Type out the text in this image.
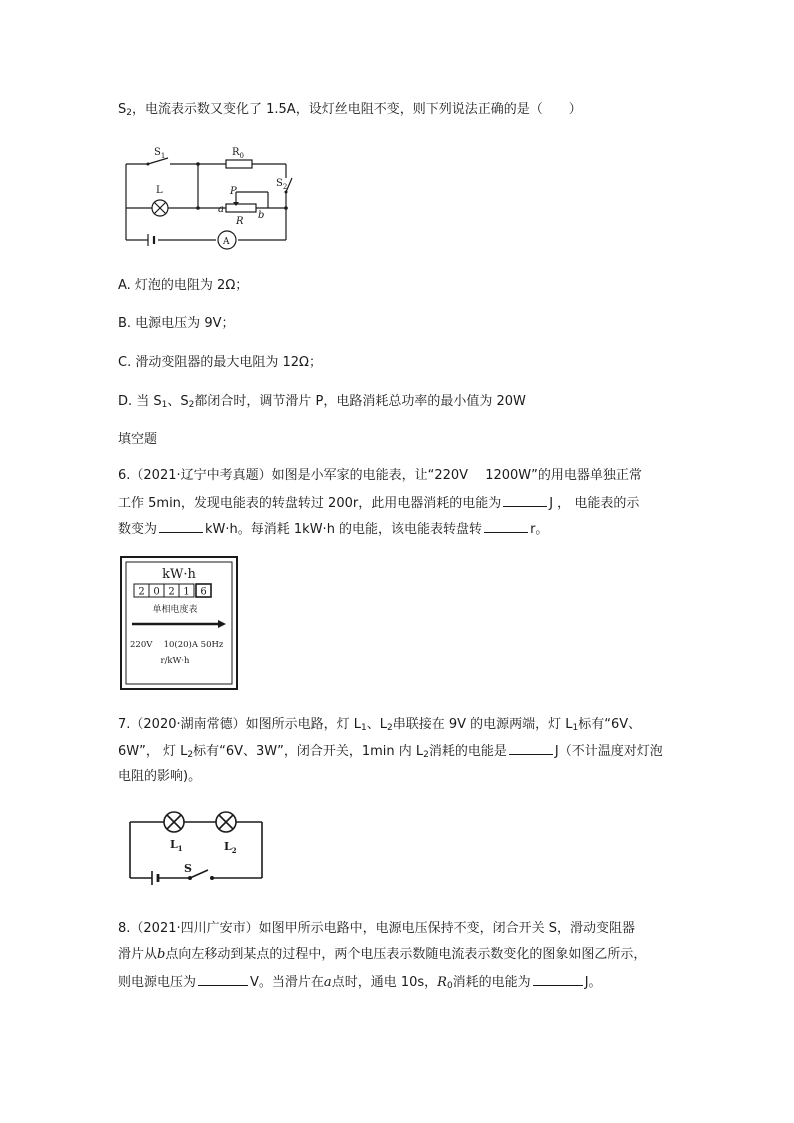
$S_2$，电流表示数又变化了 1.5A，设灯丝电阻不变，则下列说法正确的是（　　）
$S_1$	$R_0$
L	P
a
b
R
$S_2$
A
A. 灯泡的电阻为 2Ω；
B. 电源电压为 9V；
C. 滑动变阻器的最大电阻为 12Ω；
D. 当 $S_1$、$S_2$都闭合时，调节滑片 P，电路消耗总功率的最小值为 20W
填空题
6.（2021·辽宁中考真题）如图是小军家的电能表，让“220V　 1200W”的用电器单独正常
工作 5min，发现电能表的转盘转过 200r，此用电器消耗的电能为	J ， 电能表的示
数变为	kW·h。每消耗 1kW·h 的电能，该电能表转盘转	r。
kW·h
2 0 2 1 6
单相电度表
220V　 10(20)A 50Hz
r/kW·h
7.（2020·湖南常德）如图所示电路，灯 $L_1$、$L_2$串联接在 9V 的电源两端，灯 $L_1$标有“6V、
6W”， 灯 $L_2$标有“6V、3W”，闭合开关，1min 内 $L_2$消耗的电能是	J（不计温度对灯泡
电阻的影响)。
$L_1$	$L_2$
S
8.（2021·四川广安市）如图甲所示电路中，电源电压保持不变，闭合开关 S，滑动变阻器
滑片从b点向左移动到某点的过程中，两个电压表示数随电流表示数变化的图象如图乙所示，
则电源电压为	V。当滑片在a点时，通电 10s，$R_0$消耗的电能为	J。
